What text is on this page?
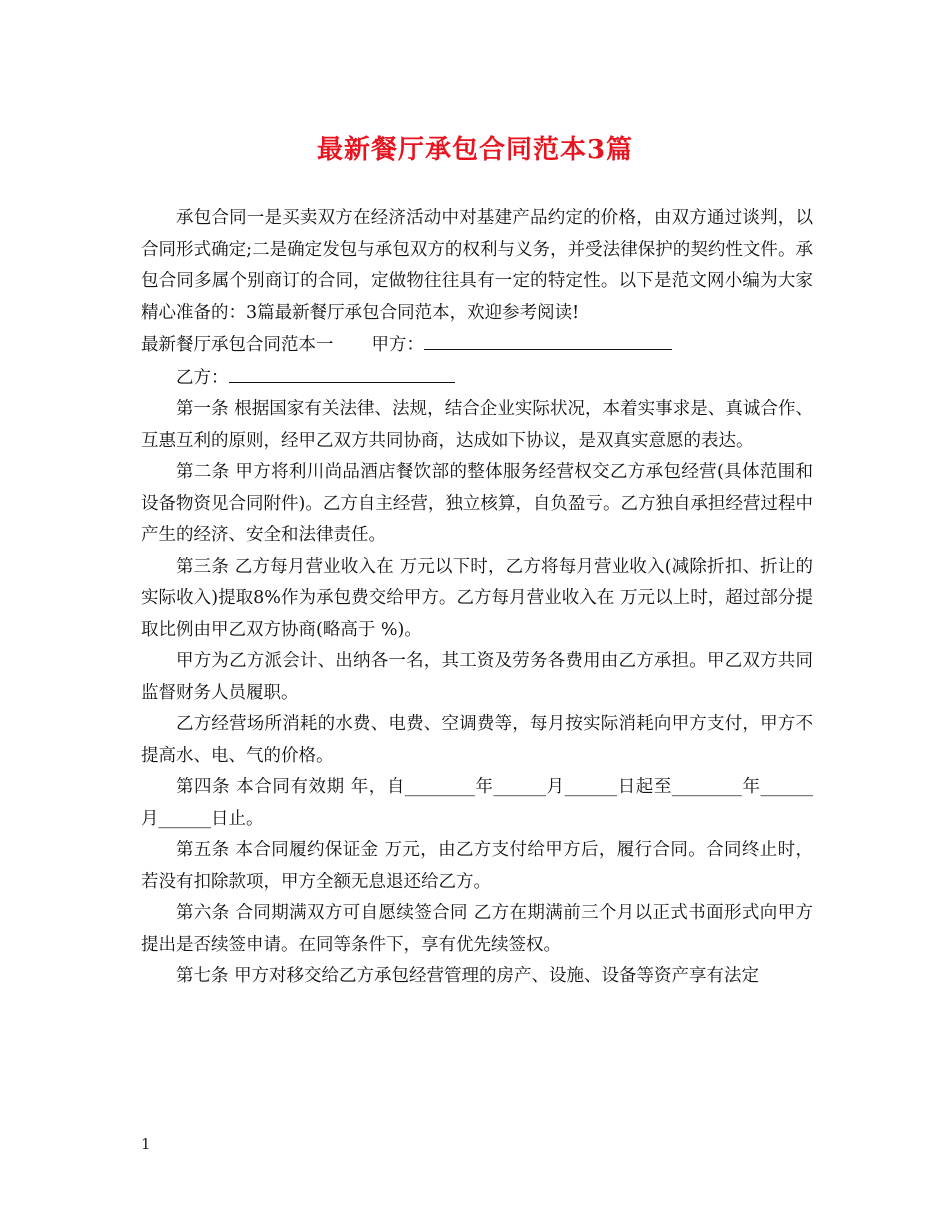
最新餐厅承包合同范本3篇

承包合同一是买卖双方在经济活动中对基建产品约定的价格，由双方通过谈判，以合同形式确定;二是确定发包与承包双方的权利与义务，并受法律保护的契约性文件。承包合同多属个别商订的合同，定做物往往具有一定的特定性。以下是范文网小编为大家精心准备的：3篇最新餐厅承包合同范本，欢迎参考阅读!

最新餐厅承包合同范本一 甲方：

乙方：

第一条 根据国家有关法律、法规，结合企业实际状况，本着实事求是、真诚合作、互惠互利的原则，经甲乙双方共同协商，达成如下协议，是双真实意愿的表达。

第二条 甲方将利川尚品酒店餐饮部的整体服务经营权交乙方承包经营(具体范围和设备物资见合同附件)。乙方自主经营，独立核算，自负盈亏。乙方独自承担经营过程中产生的经济、安全和法律责任。

第三条 乙方每月营业收入在 万元以下时，乙方将每月营业收入(减除折扣、折让的实际收入)提取8%作为承包费交给甲方。乙方每月营业收入在 万元以上时，超过部分提取比例由甲乙双方协商(略高于 %)。

甲方为乙方派会计、出纳各一名，其工资及劳务各费用由乙方承担。甲乙双方共同监督财务人员履职。

乙方经营场所消耗的水费、电费、空调费等，每月按实际消耗向甲方支付，甲方不提高水、电、气的价格。

第四条 本合同有效期 年，自________年______月______日起至________年______月______日止。

第五条 本合同履约保证金 万元，由乙方支付给甲方后，履行合同。合同终止时，若没有扣除款项，甲方全额无息退还给乙方。

第六条 合同期满双方可自愿续签合同 乙方在期满前三个月以正式书面形式向甲方提出是否续签申请。在同等条件下，享有优先续签权。

第七条 甲方对移交给乙方承包经营管理的房产、设施、设备等资产享有法定

1
